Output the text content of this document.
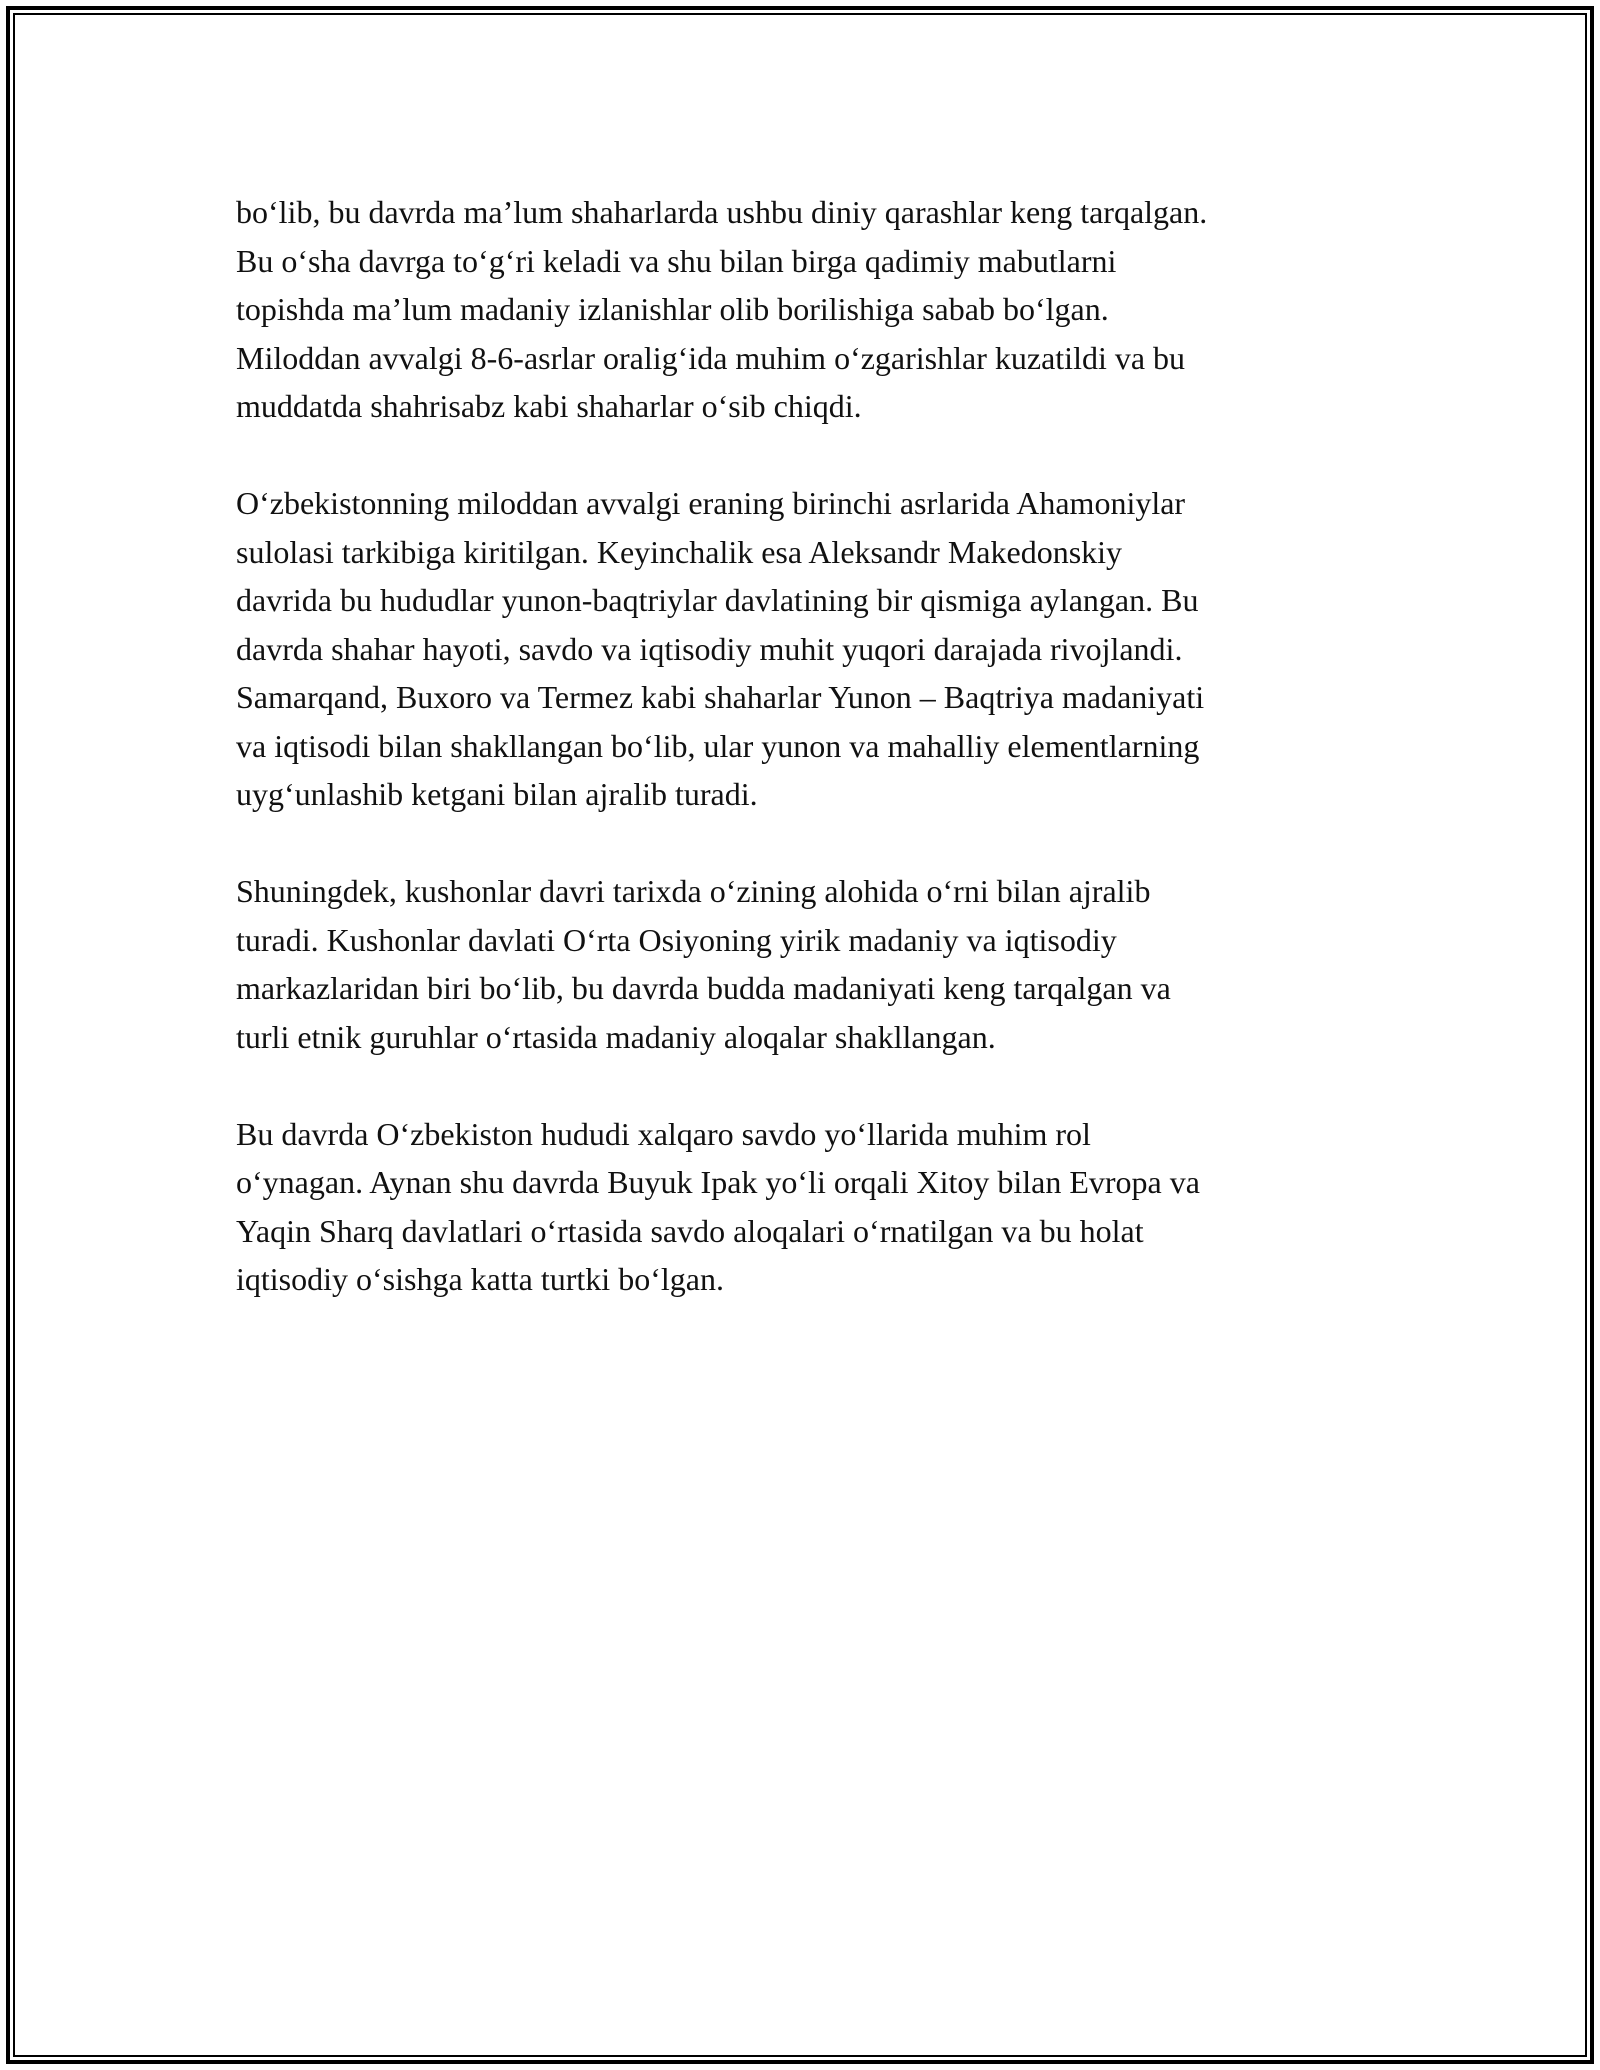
bo‘lib, bu davrda ma’lum shaharlarda ushbu diniy qarashlar keng tarqalgan.
Bu o‘sha davrga to‘g‘ri keladi va shu bilan birga qadimiy mabutlarni
topishda ma’lum madaniy izlanishlar olib borilishiga sabab bo‘lgan.
Miloddan avvalgi 8-6-asrlar oralig‘ida muhim o‘zgarishlar kuzatildi va bu
muddatda shahrisabz kabi shaharlar o‘sib chiqdi.

O‘zbekistonning miloddan avvalgi eraning birinchi asrlarida Ahamoniylar
sulolasi tarkibiga kiritilgan. Keyinchalik esa Aleksandr Makedonskiy
davrida bu hududlar yunon-baqtriylar davlatining bir qismiga aylangan. Bu
davrda shahar hayoti, savdo va iqtisodiy muhit yuqori darajada rivojlandi.
Samarqand, Buxoro va Termez kabi shaharlar Yunon – Baqtriya madaniyati
va iqtisodi bilan shakllangan bo‘lib, ular yunon va mahalliy elementlarning
uyg‘unlashib ketgani bilan ajralib turadi.

Shuningdek, kushonlar davri tarixda o‘zining alohida o‘rni bilan ajralib
turadi. Kushonlar davlati O‘rta Osiyoning yirik madaniy va iqtisodiy
markazlaridan biri bo‘lib, bu davrda budda madaniyati keng tarqalgan va
turli etnik guruhlar o‘rtasida madaniy aloqalar shakllangan.

Bu davrda O‘zbekiston hududi xalqaro savdo yo‘llarida muhim rol
o‘ynagan. Aynan shu davrda Buyuk Ipak yo‘li orqali Xitoy bilan Evropa va
Yaqin Sharq davlatlari o‘rtasida savdo aloqalari o‘rnatilgan va bu holat
iqtisodiy o‘sishga katta turtki bo‘lgan.
